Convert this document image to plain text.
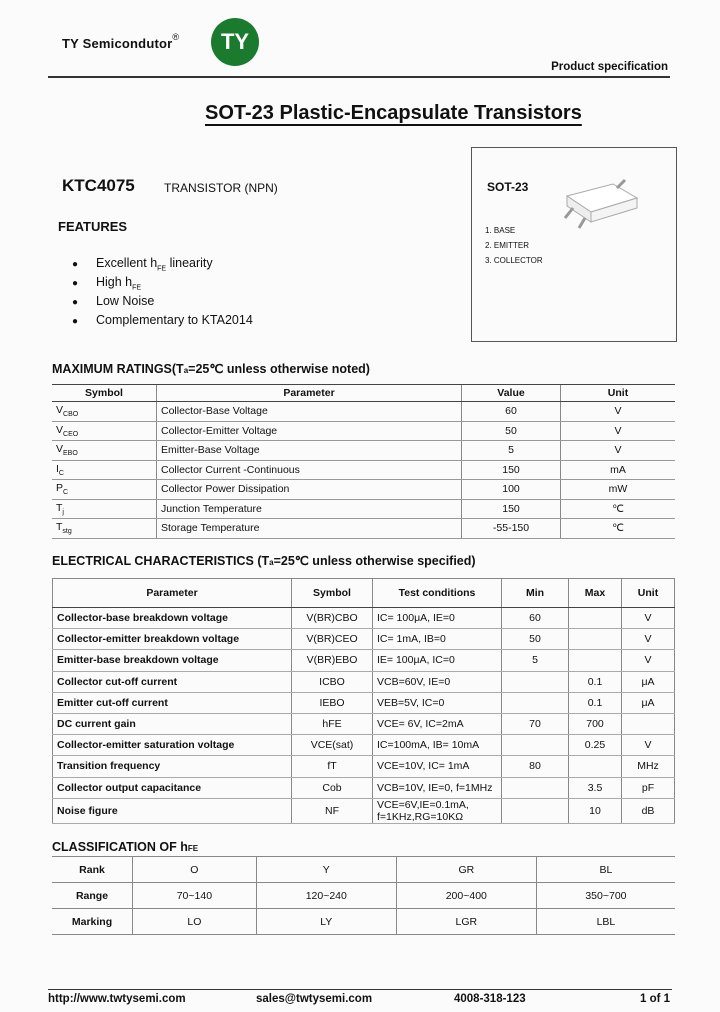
TY Semicondutor®	TY
Product specification
SOT-23 Plastic-Encapsulate Transistors
KTC4075 TRANSISTOR (NPN)
FEATURES
● Excellent $h_{FE}$ linearity
● High $h_{FE}$
● Low Noise
● Complementary to KTA2014
SOT-23
1. BASE
2. EMITTER
3. COLLECTOR
MAXIMUM RATINGS(Ta=25℃ unless otherwise noted)
Symbol	Parameter	Value	Unit
$V_{CBO}$	Collector-Base Voltage	60	V
$V_{CEO}$	Collector-Emitter Voltage	50	V
$V_{EBO}$	Emitter-Base Voltage	5	V
$I_C$	Collector Current -Continuous	150	mA
$P_C$	Collector Power Dissipation	100	mW
$T_j$	Junction Temperature	150	℃
$T_{stg}$	Storage Temperature	-55-150	℃
ELECTRICAL CHARACTERISTICS (Ta=25℃ unless otherwise specified)
Parameter	Symbol	Test conditions	Min	Max	Unit
Collector-base breakdown voltage	V(BR)CBO	IC= 100μA, IE=0	60		V
Collector-emitter breakdown voltage	V(BR)CEO	IC= 1mA, IB=0	50		V
Emitter-base breakdown voltage	V(BR)EBO	IE= 100μA, IC=0	5		V
Collector cut-off current	ICBO	VCB=60V, IE=0		0.1	μA
Emitter cut-off current	IEBO	VEB=5V, IC=0		0.1	μA
DC current gain	hFE	VCE= 6V, IC=2mA	70	700	
Collector-emitter saturation voltage	VCE(sat)	IC=100mA, IB= 10mA		0.25	V
Transition frequency	fT	VCE=10V, IC= 1mA	80		MHz
Collector output capacitance	Cob	VCB=10V, IE=0, f=1MHz		3.5	pF
Noise figure	NF	VCE=6V,IE=0.1mA, f=1KHz,RG=10KΩ		10	dB
CLASSIFICATION OF hFE
Rank	O	Y	GR	BL
Range	70~140	120~240	200~400	350~700
Marking	LO	LY	LGR	LBL
http://www.twtysemi.com	sales@twtysemi.com	4008-318-123	1 of 1
